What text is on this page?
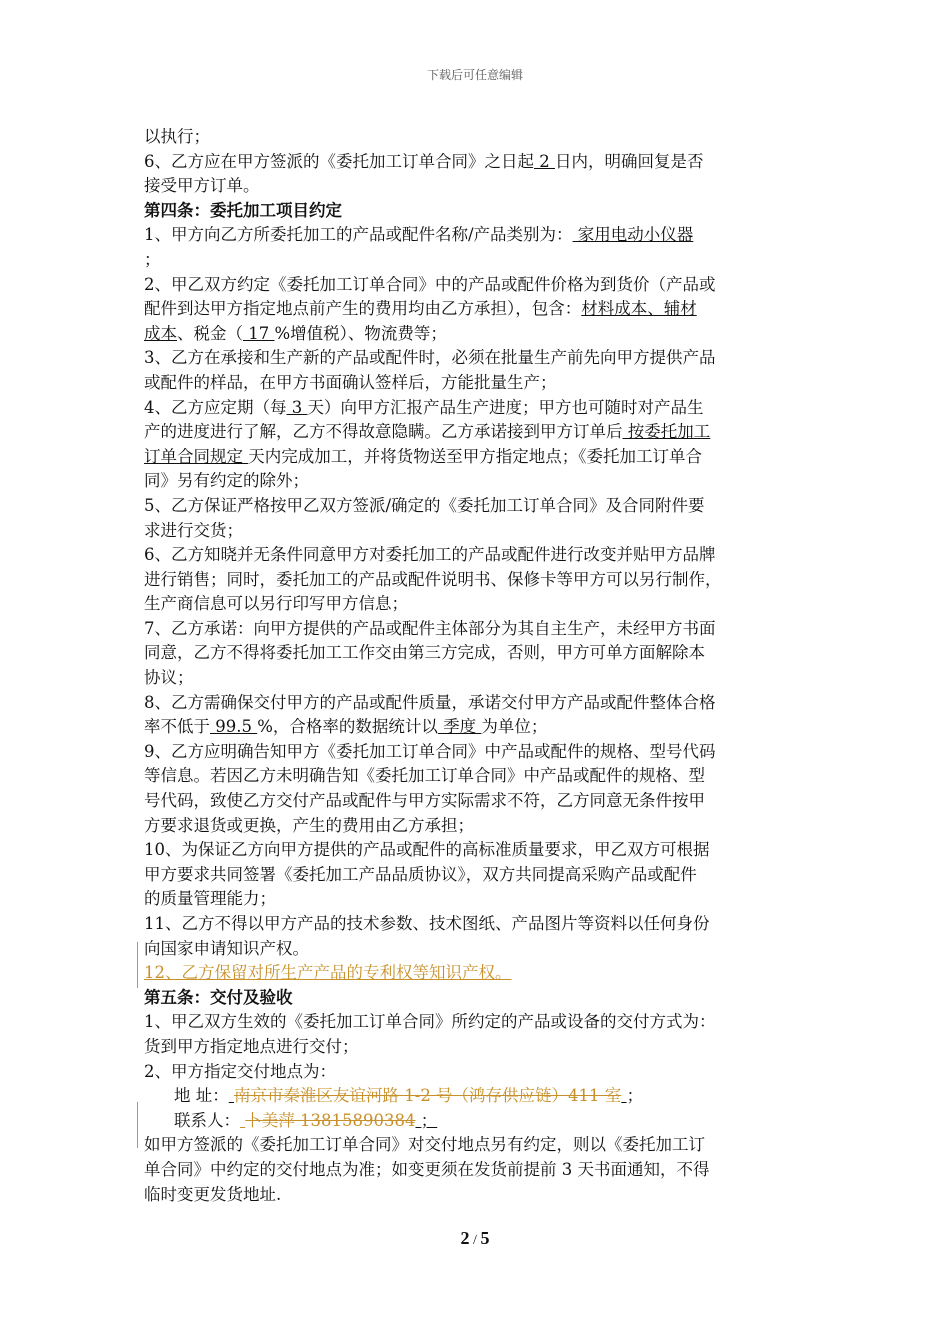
下载后可任意编辑

以执行；

6、乙方应在甲方签派的《委托加工订单合同》之日起 2 日内，明确回复是否

接受甲方订单。

第四条：委托加工项目约定

1、甲方向乙方所委托加工的产品或配件名称/产品类别为： 家用电动小仪器

；

2、甲乙双方约定《委托加工订单合同》中的产品或配件价格为到货价（产品或

配件到达甲方指定地点前产生的费用均由乙方承担），包含：材料成本、辅材

成本、税金（ 17 %增值税）、物流费等；

3、乙方在承接和生产新的产品或配件时，必须在批量生产前先向甲方提供产品

或配件的样品，在甲方书面确认签样后，方能批量生产；

4、乙方应定期（每 3 天）向甲方汇报产品生产进度；甲方也可随时对产品生

产的进度进行了解，乙方不得故意隐瞒。乙方承诺接到甲方订单后 按委托加工

订单合同规定 天内完成加工，并将货物送至甲方指定地点；《委托加工订单合

同》另有约定的除外；

5、乙方保证严格按甲乙双方签派/确定的《委托加工订单合同》及合同附件要

求进行交货；

6、乙方知晓并无条件同意甲方对委托加工的产品或配件进行改变并贴甲方品牌

进行销售；同时，委托加工的产品或配件说明书、保修卡等甲方可以另行制作，

生产商信息可以另行印写甲方信息；

7、乙方承诺：向甲方提供的产品或配件主体部分为其自主生产，未经甲方书面

同意，乙方不得将委托加工工作交由第三方完成，否则，甲方可单方面解除本

协议；

8、乙方需确保交付甲方的产品或配件质量，承诺交付甲方产品或配件整体合格

率不低于 99.5 %，合格率的数据统计以 季度 为单位；

9、乙方应明确告知甲方《委托加工订单合同》中产品或配件的规格、型号代码

等信息。若因乙方未明确告知《委托加工订单合同》中产品或配件的规格、型

号代码，致使乙方交付产品或配件与甲方实际需求不符，乙方同意无条件按甲

方要求退货或更换，产生的费用由乙方承担；

10、为保证乙方向甲方提供的产品或配件的高标准质量要求，甲乙双方可根据

甲方要求共同签署《委托加工产品品质协议》，双方共同提高采购产品或配件

的质量管理能力；

11、乙方不得以甲方产品的技术参数、技术图纸、产品图片等资料以任何身份

向国家申请知识产权。

12、乙方保留对所生产产品的专利权等知识产权。

第五条：交付及验收

1、甲乙双方生效的《委托加工订单合同》所约定的产品或设备的交付方式为：

货到甲方指定地点进行交付；

2、甲方指定交付地点为：

地 址： 南京市秦淮区友谊河路 1-2 号（鸿存供应链）411 室 ；

联系人： 卜美萍 13815890384 ；

如甲方签派的《委托加工订单合同》对交付地点另有约定，则以《委托加工订

单合同》中约定的交付地点为准；如变更须在发货前提前 3 天书面通知，不得

临时变更发货地址.

2 / 5
